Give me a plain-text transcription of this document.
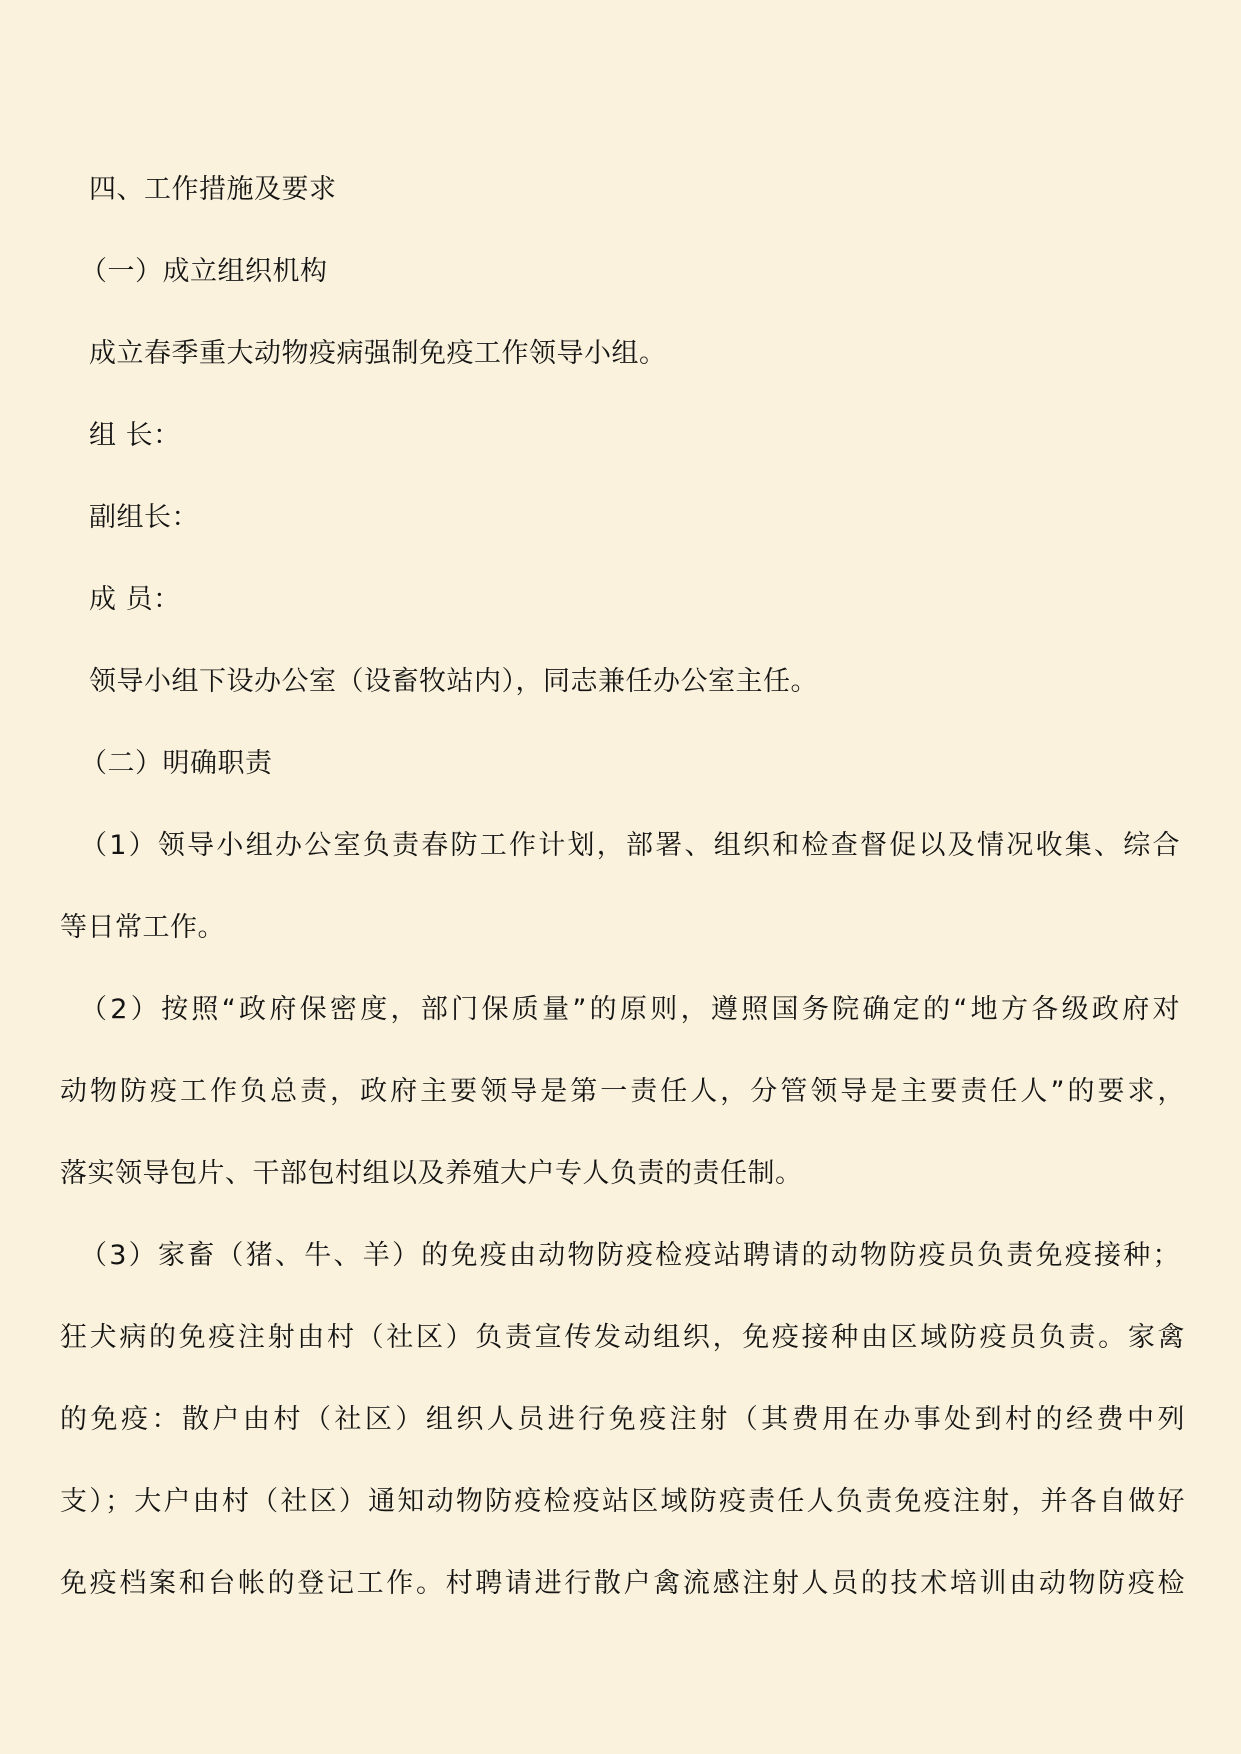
四、工作措施及要求
（一）成立组织机构
成立春季重大动物疫病强制免疫工作领导小组。
组 长：
副组长：
成 员：
领导小组下设办公室（设畜牧站内），同志兼任办公室主任。
（二）明确职责
（1）领导小组办公室负责春防工作计划，部署、组织和检查督促以及情况收集、综合
等日常工作。
（2）按照“政府保密度，部门保质量”的原则，遵照国务院确定的“地方各级政府对
动物防疫工作负总责，政府主要领导是第一责任人，分管领导是主要责任人”的要求，
落实领导包片、干部包村组以及养殖大户专人负责的责任制。
（3）家畜（猪、牛、羊）的免疫由动物防疫检疫站聘请的动物防疫员负责免疫接种；
狂犬病的免疫注射由村（社区）负责宣传发动组织，免疫接种由区域防疫员负责。家禽
的免疫：散户由村（社区）组织人员进行免疫注射（其费用在办事处到村的经费中列
支）；大户由村（社区）通知动物防疫检疫站区域防疫责任人负责免疫注射，并各自做好
免疫档案和台帐的登记工作。村聘请进行散户禽流感注射人员的技术培训由动物防疫检
